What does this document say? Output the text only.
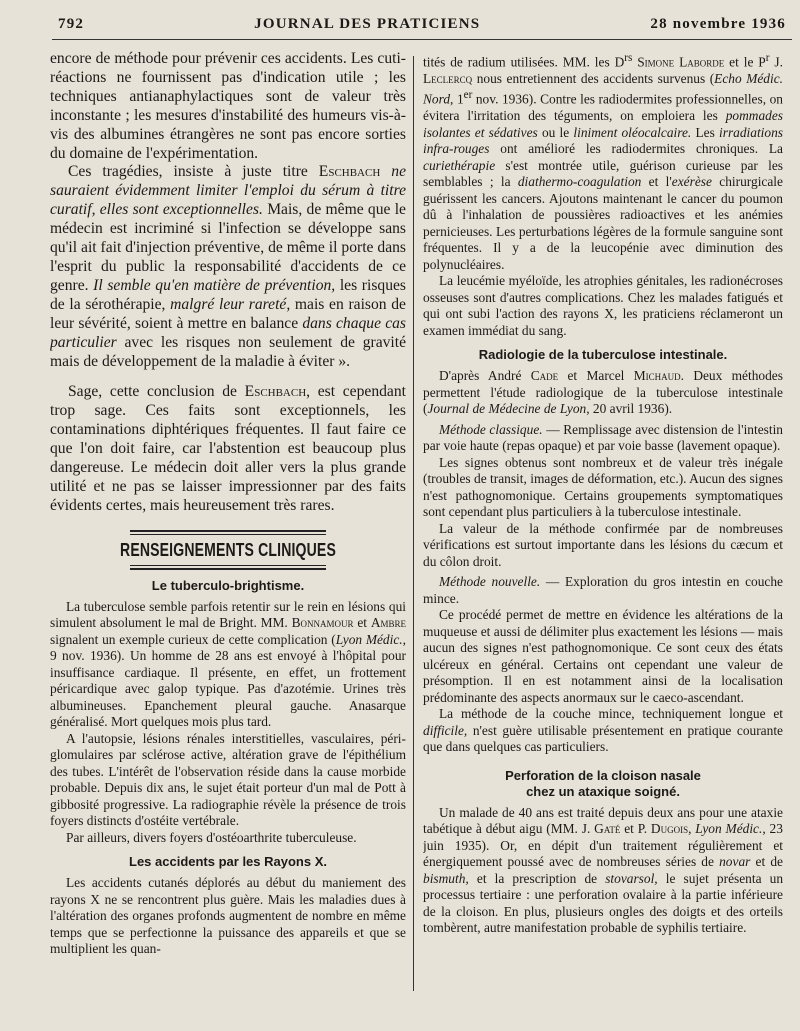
792	JOURNAL DES PRATICIENS	28 novembre 1936

encore de méthode pour prévenir ces accidents. Les cuti-réactions ne fournissent pas d'indication utile ; les techniques antianaphylactiques sont de valeur très inconstante ; les mesures d'instabilité des humeurs vis-à-vis des albumines étrangères ne sont pas encore sorties du domaine de l'expérimentation.

Ces tragédies, insiste à juste titre Eschbach ne sauraient évidemment limiter l'emploi du sérum à titre curatif, elles sont exceptionnelles. Mais, de même que le médecin est incriminé si l'infection se développe sans qu'il ait fait d'injection préventive, de même il porte dans l'esprit du public la responsabilité d'accidents de ce genre. Il semble qu'en matière de prévention, les risques de la sérothérapie, malgré leur rareté, mais en raison de leur sévérité, soient à mettre en balance dans chaque cas particulier avec les risques non seulement de gravité mais de développement de la maladie à éviter ».

Sage, cette conclusion de Eschbach, est cependant trop sage. Ces faits sont exceptionnels, les contaminations diphtériques fréquentes. Il faut faire ce que l'on doit faire, car l'abstention est beaucoup plus dangereuse. Le médecin doit aller vers la plus grande utilité et ne pas se laisser impressionner par des faits évidents certes, mais heureusement très rares.

RENSEIGNEMENTS CLINIQUES
Le tuberculo-brightisme.

La tuberculose semble parfois retentir sur le rein en lésions qui simulent absolument le mal de Bright. MM. Bonnamour et Ambre signalent un exemple curieux de cette complication (Lyon Médic., 9 nov. 1936). Un homme de 28 ans est envoyé à l'hôpital pour insuffisance cardiaque. Il présente, en effet, un frottement péricardique avec galop typique. Pas d'azotémie. Urines très albumineuses. Epanchement pleural gauche. Anasarque généralisé. Mort quelques mois plus tard.

A l'autopsie, lésions rénales interstitielles, vasculaires, péri-glomulaires par sclérose active, altération grave de l'épithélium des tubes. L'intérêt de l'observation réside dans la cause morbide probable. Depuis dix ans, le sujet était porteur d'un mal de Pott à gibbosité progressive. La radiographie révèle la présence de trois foyers distincts d'ostéite vertébrale.

Par ailleurs, divers foyers d'ostéoarthrite tuberculeuse.

Les accidents par les Rayons X.

Les accidents cutanés déplorés au début du maniement des rayons X ne se rencontrent plus guère. Mais les maladies dues à l'altération des organes profonds augmentent de nombre en même temps que se perfectionne la puissance des appareils et que se multiplient les quan-

tités de radium utilisées. MM. les $D^{rs}$ Simone Laborde et le $P^r$ J. Leclercq nous entretiennent des accidents survenus (Echo Médic. Nord, 1er nov. 1936). Contre les radiodermites professionnelles, on évitera l'irritation des téguments, on emploiera les pommades isolantes et sédatives ou le liniment oléocalcaire. Les irradiations infra-rouges ont amélioré les radiodermites chroniques. La curiethérapie s'est montrée utile, guérison curieuse par les semblables ; la diathermo-coagulation et l'exérèse chirurgicale guérissent les cancers. Ajoutons maintenant le cancer du poumon dû à l'inhalation de poussières radioactives et les anémies pernicieuses. Les perturbations légères de la formule sanguine sont fréquentes. Il y a de la leucopénie avec diminution des polynucléaires.

La leucémie myéloïde, les atrophies génitales, les radionécroses osseuses sont d'autres complications. Chez les malades fatigués et qui ont subi l'action des rayons X, les praticiens réclameront un examen immédiat du sang.

Radiologie de la tuberculose intestinale.

D'après André Cade et Marcel Michaud. Deux méthodes permettent l'étude radiologique de la tuberculose intestinale (Journal de Médecine de Lyon, 20 avril 1936).

Méthode classique. — Remplissage avec distension de l'intestin par voie haute (repas opaque) et par voie basse (lavement opaque).

Les signes obtenus sont nombreux et de valeur très inégale (troubles de transit, images de déformation, etc.). Aucun des signes n'est pathognomonique. Certains groupements symptomatiques sont cependant plus particuliers à la tuberculose intestinale.

La valeur de la méthode confirmée par de nombreuses vérifications est surtout importante dans les lésions du cæcum et du côlon droit.

Méthode nouvelle. — Exploration du gros intestin en couche mince.

Ce procédé permet de mettre en évidence les altérations de la muqueuse et aussi de délimiter plus exactement les lésions — mais aucun des signes n'est pathognomonique. Ce sont ceux des états ulcéreux en général. Certains ont cependant une valeur de présomption. Il en est notamment ainsi de la localisation prédominante des aspects anormaux sur le caeco-ascendant.

La méthode de la couche mince, techniquement longue et difficile, n'est guère utilisable présentement en pratique courante que dans quelques cas particuliers.

Perforation de la cloison nasale
chez un ataxique soigné.

Un malade de 40 ans est traité depuis deux ans pour une ataxie tabétique à début aigu (MM. J. Gaté et P. Dugois, Lyon Médic., 23 juin 1935). Or, en dépit d'un traitement régulièrement et énergiquement poussé avec de nombreuses séries de novar et de bismuth, et la prescription de stovarsol, le sujet présenta un processus tertiaire : une perforation ovalaire à la partie inférieure de la cloison. En plus, plusieurs ongles des doigts et des orteils tombèrent, autre manifestation probable de syphilis tertiaire.
